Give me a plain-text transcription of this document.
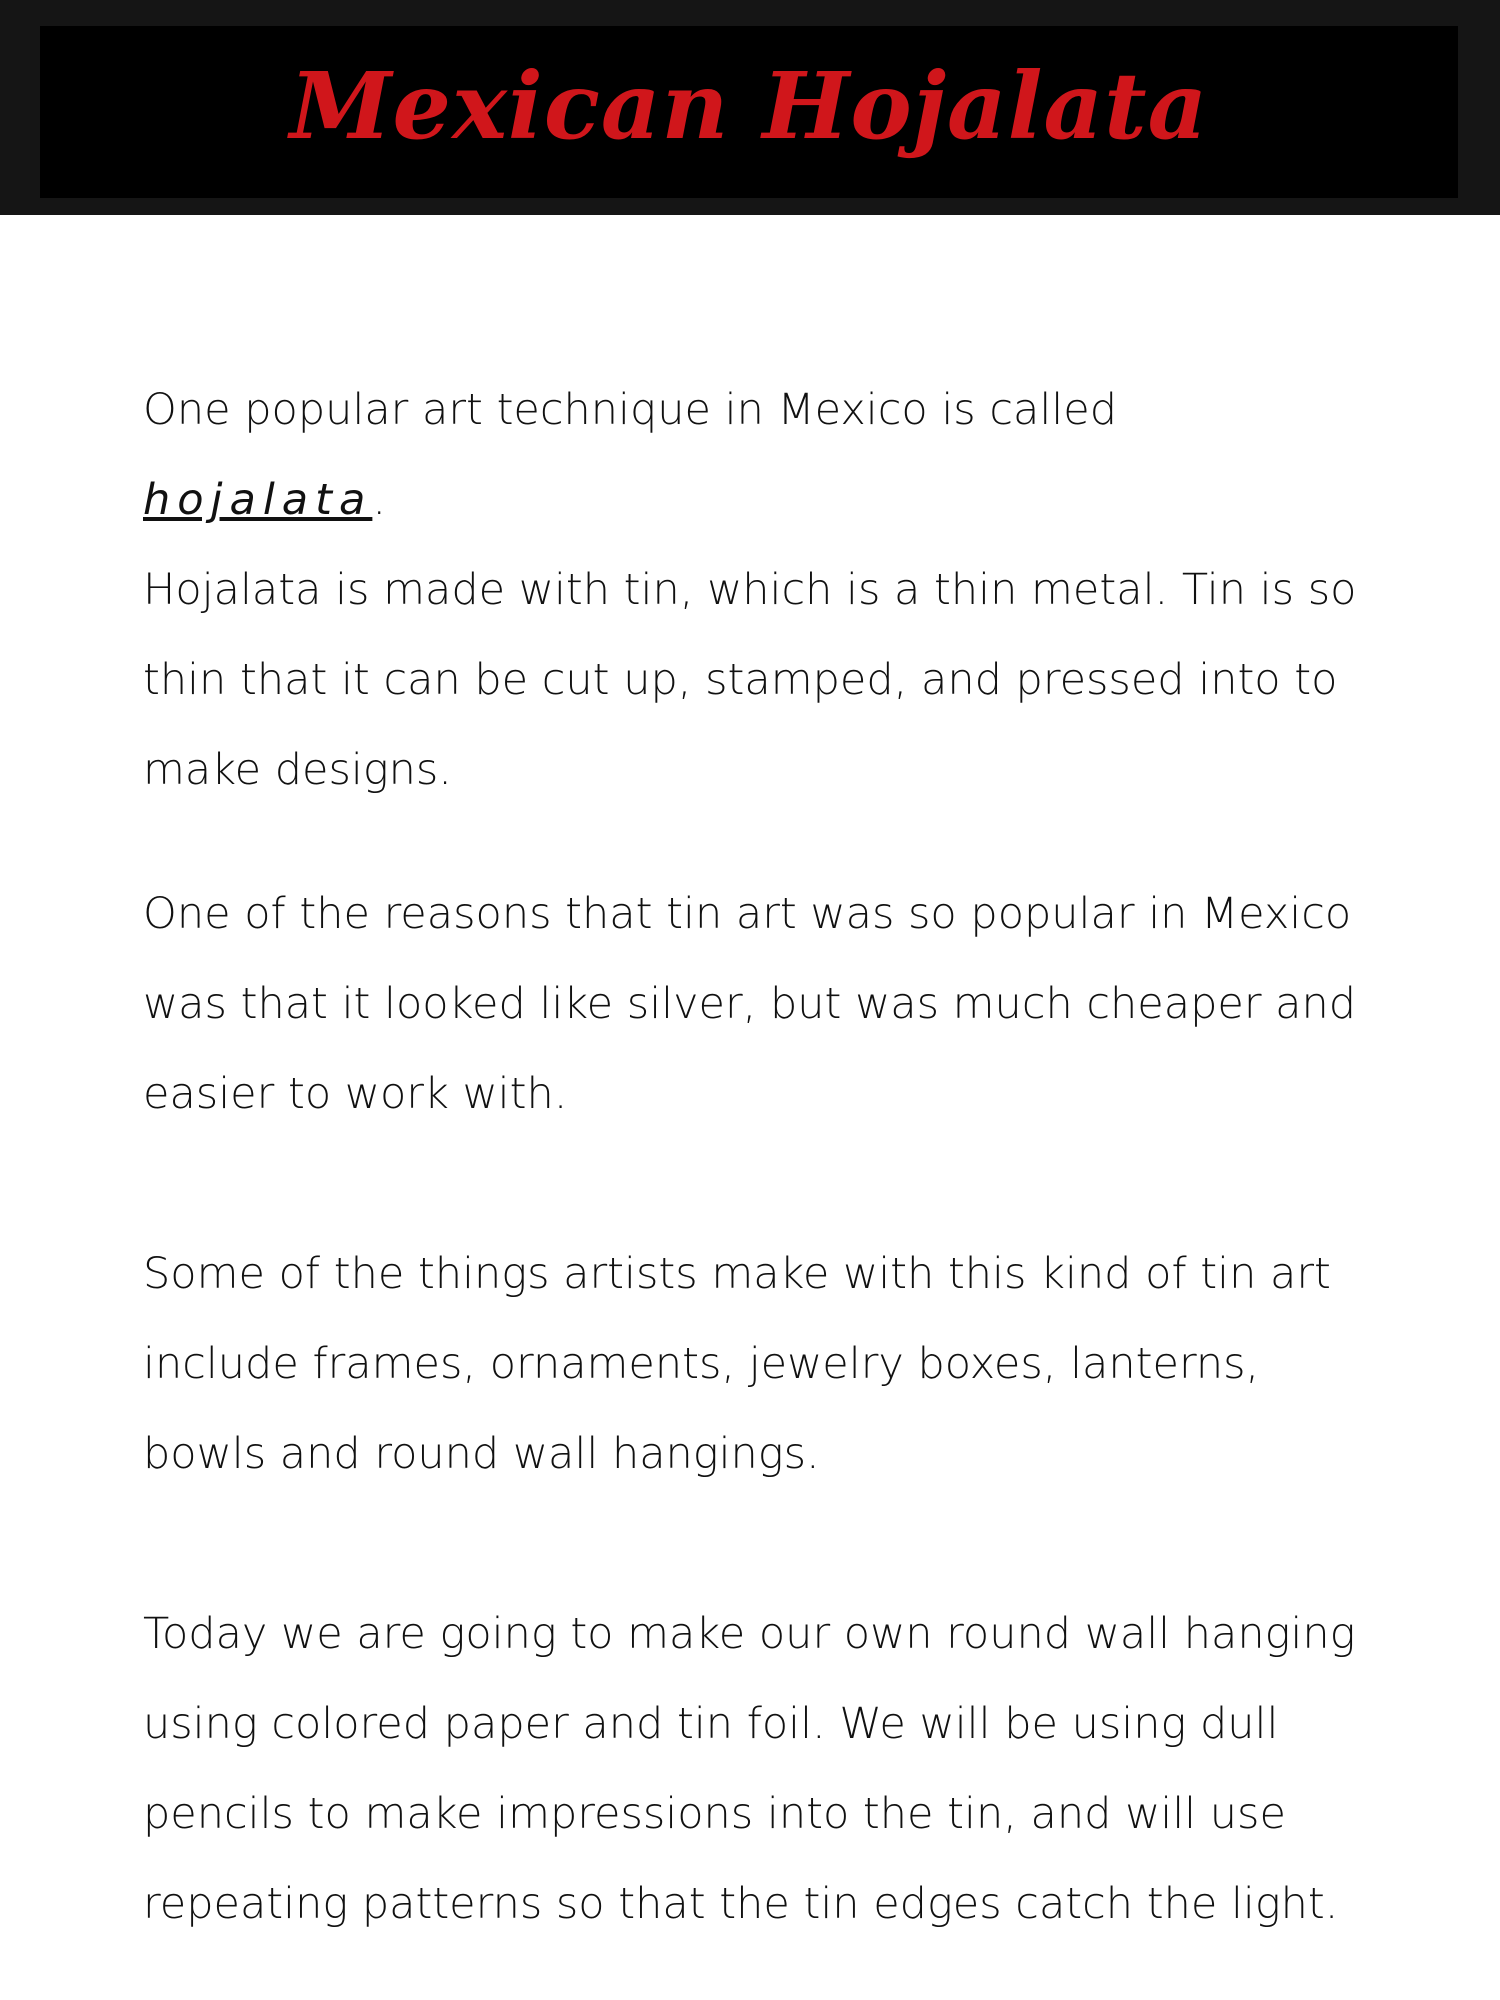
Mexican Hojalata

One popular art technique in Mexico is called
hojalata.
Hojalata is made with tin, which is a thin metal. Tin is so thin that it can be cut up, stamped, and pressed into to make designs.

One of the reasons that tin art was so popular in Mexico was that it looked like silver, but was much cheaper and easier to work with.

Some of the things artists make with this kind of tin art include frames, ornaments, jewelry boxes, lanterns, bowls and round wall hangings.

Today we are going to make our own round wall hanging using colored paper and tin foil. We will be using dull pencils to make impressions into the tin, and will use repeating patterns so that the tin edges catch the light.
